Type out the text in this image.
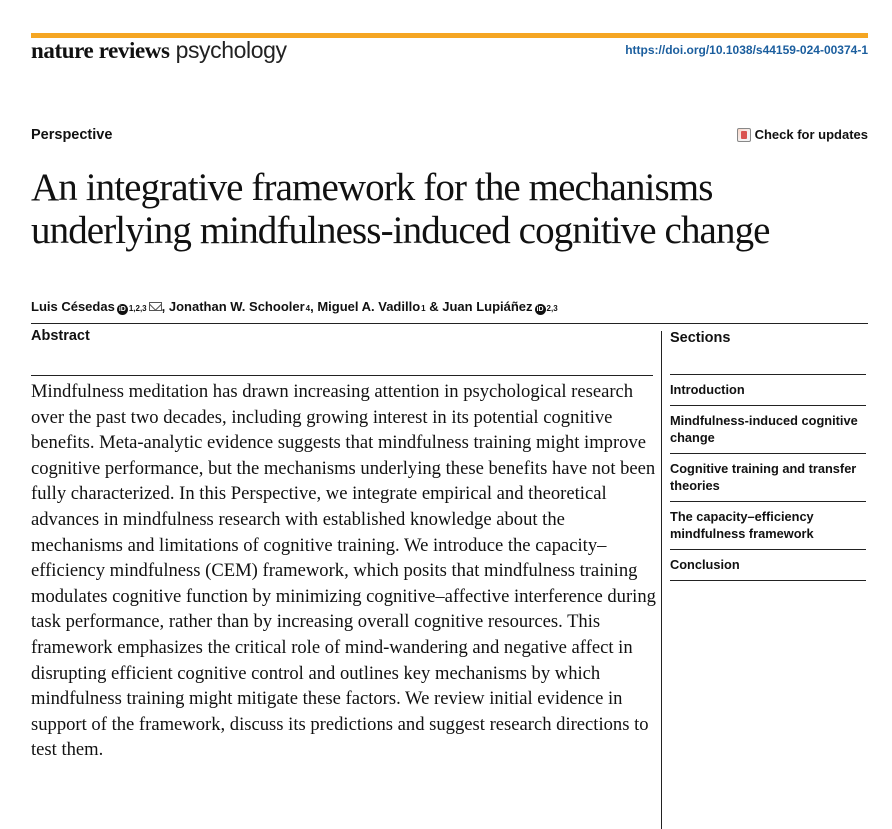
nature reviews psychology	https://doi.org/10.1038/s44159-024-00374-1
Perspective	Check for updates
An integrative framework for the mechanisms
underlying mindfulness-induced cognitive change
Luis Césedas iD 1,2,3 , Jonathan W. Schooler 4 , Miguel A. Vadillo 1 & Juan Lupiáñez iD 2,3
Abstract

Mindfulness meditation has drawn increasing attention in psychological research over the past two decades, including growing interest in its potential cognitive benefits. Meta-analytic evidence suggests that mindfulness training might improve cognitive performance, but the mechanisms underlying these benefits have not been fully characterized. In this Perspective, we integrate empirical and theoretical advances in mindfulness research with established knowledge about the mechanisms and limitations of cognitive training. We introduce the capacity–efficiency mindfulness (CEM) framework, which posits that mindfulness training modulates cognitive function by minimizing cognitive–affective interference during task performance, rather than by increasing overall cognitive resources. This framework emphasizes the critical role of mind-wandering and negative affect in disrupting efficient cognitive control and outlines key mechanisms by which mindfulness training might mitigate these factors. We review initial evidence in support of the framework, discuss its predictions and suggest research directions to test them.

Sections
Introduction
Mindfulness-induced cognitive change
Cognitive training and transfer theories
The capacity–efficiency mindfulness framework
Conclusion
